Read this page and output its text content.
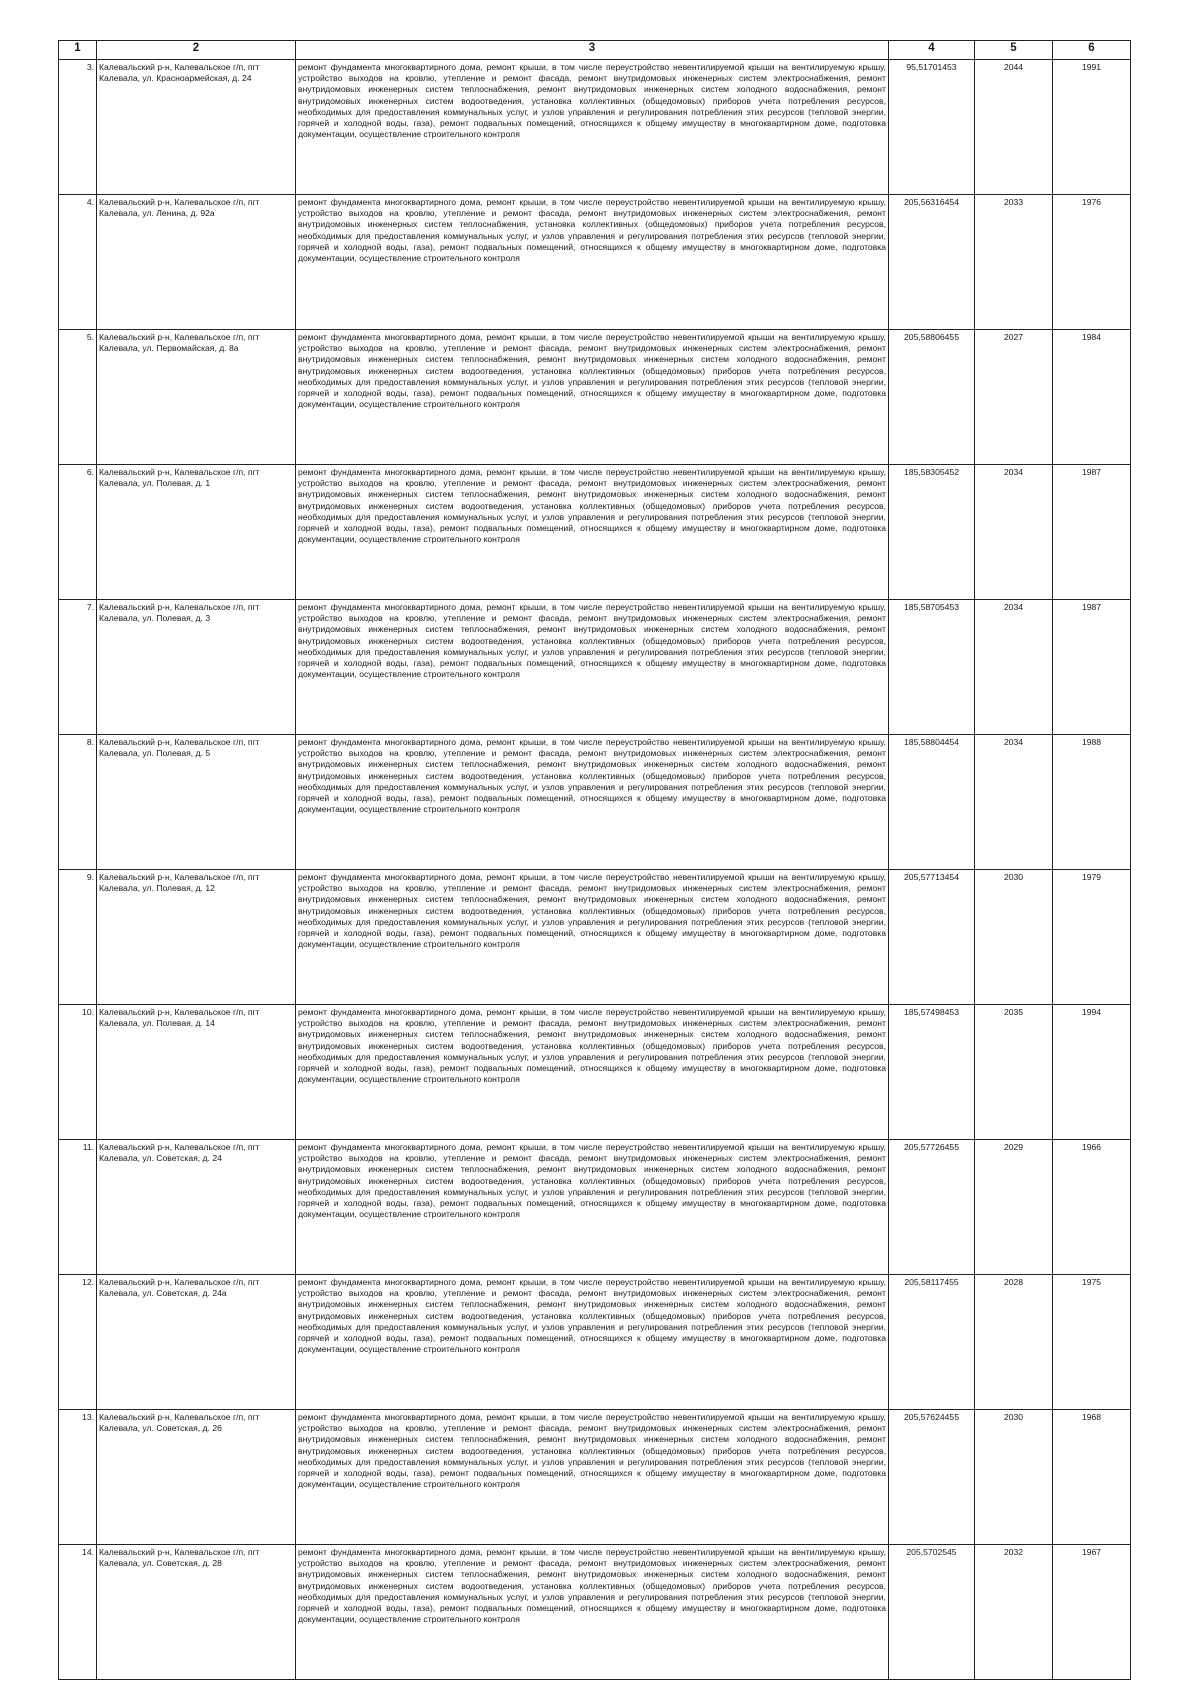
1	2	3	4	5	6
3.	Калевальский р-н, Калевальское г/п, пгт Калевала, ул. Красноармейская, д. 24	ремонт фундамента многоквартирного дома, ремонт крыши, в том числе переустройство невентилируемой крыши на вентилируемую крышу, устройство выходов на кровлю, утепление и ремонт фасада, ремонт внутридомовых инженерных систем электроснабжения, ремонт внутридомовых инженерных систем теплоснабжения, ремонт внутридомовых инженерных систем холодного водоснабжения, ремонт внутридомовых инженерных систем водоотведения, установка коллективных (общедомовых) приборов учета потребления ресурсов, необходимых для предоставления коммунальных услуг, и узлов управления и регулирования потребления этих ресурсов (тепловой энергии, горячей и холодной воды, газа), ремонт подвальных помещений, относящихся к общему имуществу в многоквартирном доме, подготовка документации, осуществление строительного контроля	95,51701453	2044	1991
4.	Калевальский р-н, Калевальское г/п, пгт Калевала, ул. Ленина, д. 92а	ремонт фундамента многоквартирного дома, ремонт крыши, в том числе переустройство невентилируемой крыши на вентилируемую крышу, устройство выходов на кровлю, утепление и ремонт фасада, ремонт внутридомовых инженерных систем электроснабжения, ремонт внутридомовых инженерных систем теплоснабжения, установка коллективных (общедомовых) приборов учета потребления ресурсов, необходимых для предоставления коммунальных услуг, и узлов управления и регулирования потребления этих ресурсов (тепловой энергии, горячей и холодной воды, газа), ремонт подвальных помещений, относящихся к общему имуществу в многоквартирном доме, подготовка документации, осуществление строительного контроля	205,56316454	2033	1976
5.	Калевальский р-н, Калевальское г/п, пгт Калевала, ул. Первомайская, д. 8а	ремонт фундамента многоквартирного дома, ремонт крыши, в том числе переустройство невентилируемой крыши на вентилируемую крышу, устройство выходов на кровлю, утепление и ремонт фасада, ремонт внутридомовых инженерных систем электроснабжения, ремонт внутридомовых инженерных систем теплоснабжения, ремонт внутридомовых инженерных систем холодного водоснабжения, ремонт внутридомовых инженерных систем водоотведения, установка коллективных (общедомовых) приборов учета потребления ресурсов, необходимых для предоставления коммунальных услуг, и узлов управления и регулирования потребления этих ресурсов (тепловой энергии, горячей и холодной воды, газа), ремонт подвальных помещений, относящихся к общему имуществу в многоквартирном доме, подготовка документации, осуществление строительного контроля	205,58806455	2027	1984
6.	Калевальский р-н, Калевальское г/п, пгт Калевала, ул. Полевая, д. 1	ремонт фундамента многоквартирного дома, ремонт крыши, в том числе переустройство невентилируемой крыши на вентилируемую крышу, устройство выходов на кровлю, утепление и ремонт фасада, ремонт внутридомовых инженерных систем электроснабжения, ремонт внутридомовых инженерных систем теплоснабжения, ремонт внутридомовых инженерных систем холодного водоснабжения, ремонт внутридомовых инженерных систем водоотведения, установка коллективных (общедомовых) приборов учета потребления ресурсов, необходимых для предоставления коммунальных услуг, и узлов управления и регулирования потребления этих ресурсов (тепловой энергии, горячей и холодной воды, газа), ремонт подвальных помещений, относящихся к общему имуществу в многоквартирном доме, подготовка документации, осуществление строительного контроля	185,58305452	2034	1987
7.	Калевальский р-н, Калевальское г/п, пгт Калевала, ул. Полевая, д. 3	ремонт фундамента многоквартирного дома, ремонт крыши, в том числе переустройство невентилируемой крыши на вентилируемую крышу, устройство выходов на кровлю, утепление и ремонт фасада, ремонт внутридомовых инженерных систем электроснабжения, ремонт внутридомовых инженерных систем теплоснабжения, ремонт внутридомовых инженерных систем холодного водоснабжения, ремонт внутридомовых инженерных систем водоотведения, установка коллективных (общедомовых) приборов учета потребления ресурсов, необходимых для предоставления коммунальных услуг, и узлов управления и регулирования потребления этих ресурсов (тепловой энергии, горячей и холодной воды, газа), ремонт подвальных помещений, относящихся к общему имуществу в многоквартирном доме, подготовка документации, осуществление строительного контроля	185,58705453	2034	1987
8.	Калевальский р-н, Калевальское г/п, пгт Калевала, ул. Полевая, д. 5	ремонт фундамента многоквартирного дома, ремонт крыши, в том числе переустройство невентилируемой крыши на вентилируемую крышу, устройство выходов на кровлю, утепление и ремонт фасада, ремонт внутридомовых инженерных систем электроснабжения, ремонт внутридомовых инженерных систем теплоснабжения, ремонт внутридомовых инженерных систем холодного водоснабжения, ремонт внутридомовых инженерных систем водоотведения, установка коллективных (общедомовых) приборов учета потребления ресурсов, необходимых для предоставления коммунальных услуг, и узлов управления и регулирования потребления этих ресурсов (тепловой энергии, горячей и холодной воды, газа), ремонт подвальных помещений, относящихся к общему имуществу в многоквартирном доме, подготовка документации, осуществление строительного контроля	185,58804454	2034	1988
9.	Калевальский р-н, Калевальское г/п, пгт Калевала, ул. Полевая, д. 12	ремонт фундамента многоквартирного дома, ремонт крыши, в том числе переустройство невентилируемой крыши на вентилируемую крышу, устройство выходов на кровлю, утепление и ремонт фасада, ремонт внутридомовых инженерных систем электроснабжения, ремонт внутридомовых инженерных систем теплоснабжения, ремонт внутридомовых инженерных систем холодного водоснабжения, ремонт внутридомовых инженерных систем водоотведения, установка коллективных (общедомовых) приборов учета потребления ресурсов, необходимых для предоставления коммунальных услуг, и узлов управления и регулирования потребления этих ресурсов (тепловой энергии, горячей и холодной воды, газа), ремонт подвальных помещений, относящихся к общему имуществу в многоквартирном доме, подготовка документации, осуществление строительного контроля	205,57713454	2030	1979
10.	Калевальский р-н, Калевальское г/п, пгт Калевала, ул. Полевая, д. 14	ремонт фундамента многоквартирного дома, ремонт крыши, в том числе переустройство невентилируемой крыши на вентилируемую крышу, устройство выходов на кровлю, утепление и ремонт фасада, ремонт внутридомовых инженерных систем электроснабжения, ремонт внутридомовых инженерных систем теплоснабжения, ремонт внутридомовых инженерных систем холодного водоснабжения, ремонт внутридомовых инженерных систем водоотведения, установка коллективных (общедомовых) приборов учета потребления ресурсов, необходимых для предоставления коммунальных услуг, и узлов управления и регулирования потребления этих ресурсов (тепловой энергии, горячей и холодной воды, газа), ремонт подвальных помещений, относящихся к общему имуществу в многоквартирном доме, подготовка документации, осуществление строительного контроля	185,57498453	2035	1994
11.	Калевальский р-н, Калевальское г/п, пгт Калевала, ул. Советская, д. 24	ремонт фундамента многоквартирного дома, ремонт крыши, в том числе переустройство невентилируемой крыши на вентилируемую крышу, устройство выходов на кровлю, утепление и ремонт фасада, ремонт внутридомовых инженерных систем электроснабжения, ремонт внутридомовых инженерных систем теплоснабжения, ремонт внутридомовых инженерных систем холодного водоснабжения, ремонт внутридомовых инженерных систем водоотведения, установка коллективных (общедомовых) приборов учета потребления ресурсов, необходимых для предоставления коммунальных услуг, и узлов управления и регулирования потребления этих ресурсов (тепловой энергии, горячей и холодной воды, газа), ремонт подвальных помещений, относящихся к общему имуществу в многоквартирном доме, подготовка документации, осуществление строительного контроля	205,57726455	2029	1966
12.	Калевальский р-н, Калевальское г/п, пгт Калевала, ул. Советская, д. 24а	ремонт фундамента многоквартирного дома, ремонт крыши, в том числе переустройство невентилируемой крыши на вентилируемую крышу, устройство выходов на кровлю, утепление и ремонт фасада, ремонт внутридомовых инженерных систем электроснабжения, ремонт внутридомовых инженерных систем теплоснабжения, ремонт внутридомовых инженерных систем холодного водоснабжения, ремонт внутридомовых инженерных систем водоотведения, установка коллективных (общедомовых) приборов учета потребления ресурсов, необходимых для предоставления коммунальных услуг, и узлов управления и регулирования потребления этих ресурсов (тепловой энергии, горячей и холодной воды, газа), ремонт подвальных помещений, относящихся к общему имуществу в многоквартирном доме, подготовка документации, осуществление строительного контроля	205,58117455	2028	1975
13.	Калевальский р-н, Калевальское г/п, пгт Калевала, ул. Советская, д. 26	ремонт фундамента многоквартирного дома, ремонт крыши, в том числе переустройство невентилируемой крыши на вентилируемую крышу, устройство выходов на кровлю, утепление и ремонт фасада, ремонт внутридомовых инженерных систем электроснабжения, ремонт внутридомовых инженерных систем теплоснабжения, ремонт внутридомовых инженерных систем холодного водоснабжения, ремонт внутридомовых инженерных систем водоотведения, установка коллективных (общедомовых) приборов учета потребления ресурсов, необходимых для предоставления коммунальных услуг, и узлов управления и регулирования потребления этих ресурсов (тепловой энергии, горячей и холодной воды, газа), ремонт подвальных помещений, относящихся к общему имуществу в многоквартирном доме, подготовка документации, осуществление строительного контроля	205,57624455	2030	1968
14.	Калевальский р-н, Калевальское г/п, пгт Калевала, ул. Советская, д. 28	ремонт фундамента многоквартирного дома, ремонт крыши, в том числе переустройство невентилируемой крыши на вентилируемую крышу, устройство выходов на кровлю, утепление и ремонт фасада, ремонт внутридомовых инженерных систем электроснабжения, ремонт внутридомовых инженерных систем теплоснабжения, ремонт внутридомовых инженерных систем холодного водоснабжения, ремонт внутридомовых инженерных систем водоотведения, установка коллективных (общедомовых) приборов учета потребления ресурсов, необходимых для предоставления коммунальных услуг, и узлов управления и регулирования потребления этих ресурсов (тепловой энергии, горячей и холодной воды, газа), ремонт подвальных помещений, относящихся к общему имуществу в многоквартирном доме, подготовка документации, осуществление строительного контроля	205,5702545	2032	1967
